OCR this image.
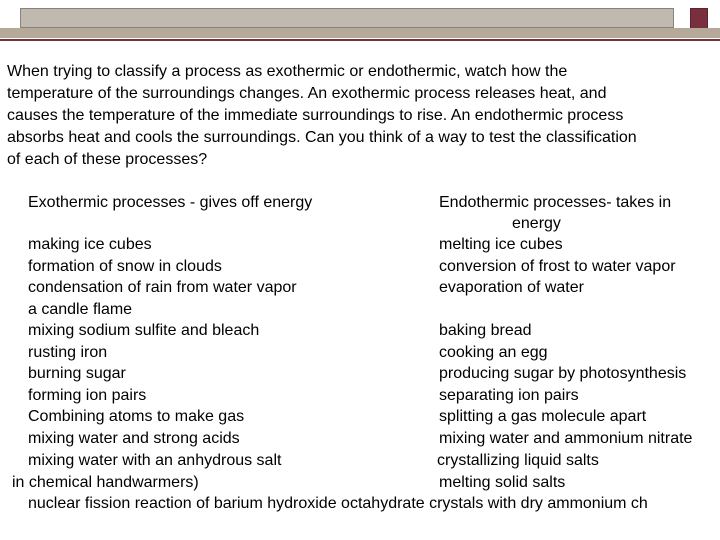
When trying to classify a process as exothermic or endothermic, watch how the
temperature of the surroundings changes. An exothermic process releases heat, and
causes the temperature of the immediate surroundings to rise. An endothermic process
absorbs heat and cools the surroundings. Can you think of a way to test the classification
of each of these processes?
Exothermic processes - gives off energy	Endothermic processes- takes in
energy
making ice cubes
formation of snow in clouds
condensation of rain from water vapor
a candle flame
mixing sodium sulfite and bleach
rusting iron
burning sugar
forming ion pairs
Combining atoms to make gas
mixing water and strong acids
mixing water with an anhydrous salt
in chemical handwarmers)
nuclear fission reaction of barium hydroxide octahydrate crystals with dry ammonium ch
melting ice cubes
conversion of frost to water vapor
evaporation of water
baking bread
cooking an egg
producing sugar by photosynthesis
separating ion pairs
splitting a gas molecule apart
mixing water and ammonium nitrate
crystallizing liquid salts
melting solid salts
